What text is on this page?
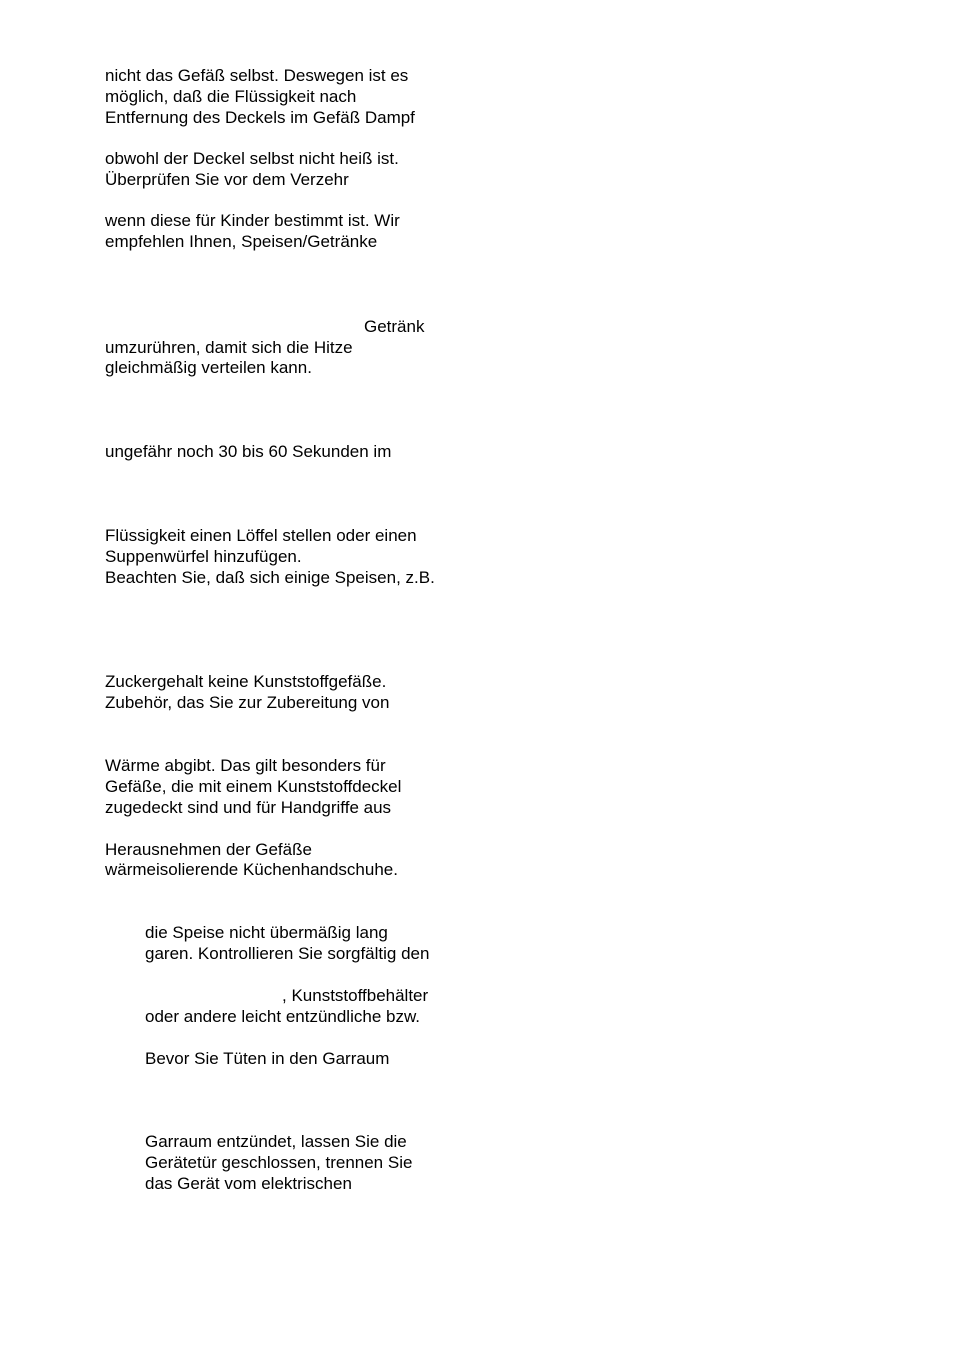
nicht das Gefäß selbst. Deswegen ist es

möglich, daß die Flüssigkeit nach

Entfernung des Deckels im Gefäß Dampf

obwohl der Deckel selbst nicht heiß ist.

Überprüfen Sie vor dem Verzehr

wenn diese für Kinder bestimmt ist. Wir

empfehlen Ihnen, Speisen/Getränke

Getränk

umzurühren, damit sich die Hitze

gleichmäßig verteilen kann.

ungefähr noch 30 bis 60 Sekunden im

Flüssigkeit einen Löffel stellen oder einen

Suppenwürfel hinzufügen.

Beachten Sie, daß sich einige Speisen, z.B.

Zuckergehalt keine Kunststoffgefäße.

Zubehör, das Sie zur Zubereitung von

Wärme abgibt. Das gilt besonders für

Gefäße, die mit einem Kunststoffdeckel

zugedeckt sind und für Handgriffe aus

Herausnehmen der Gefäße

wärmeisolierende Küchenhandschuhe.

die Speise nicht übermäßig lang

garen. Kontrollieren Sie sorgfältig den

, Kunststoffbehälter

oder andere leicht entzündliche bzw.

Bevor Sie Tüten in den Garraum

Garraum entzündet, lassen Sie die

Gerätetür geschlossen, trennen Sie

das Gerät vom elektrischen
